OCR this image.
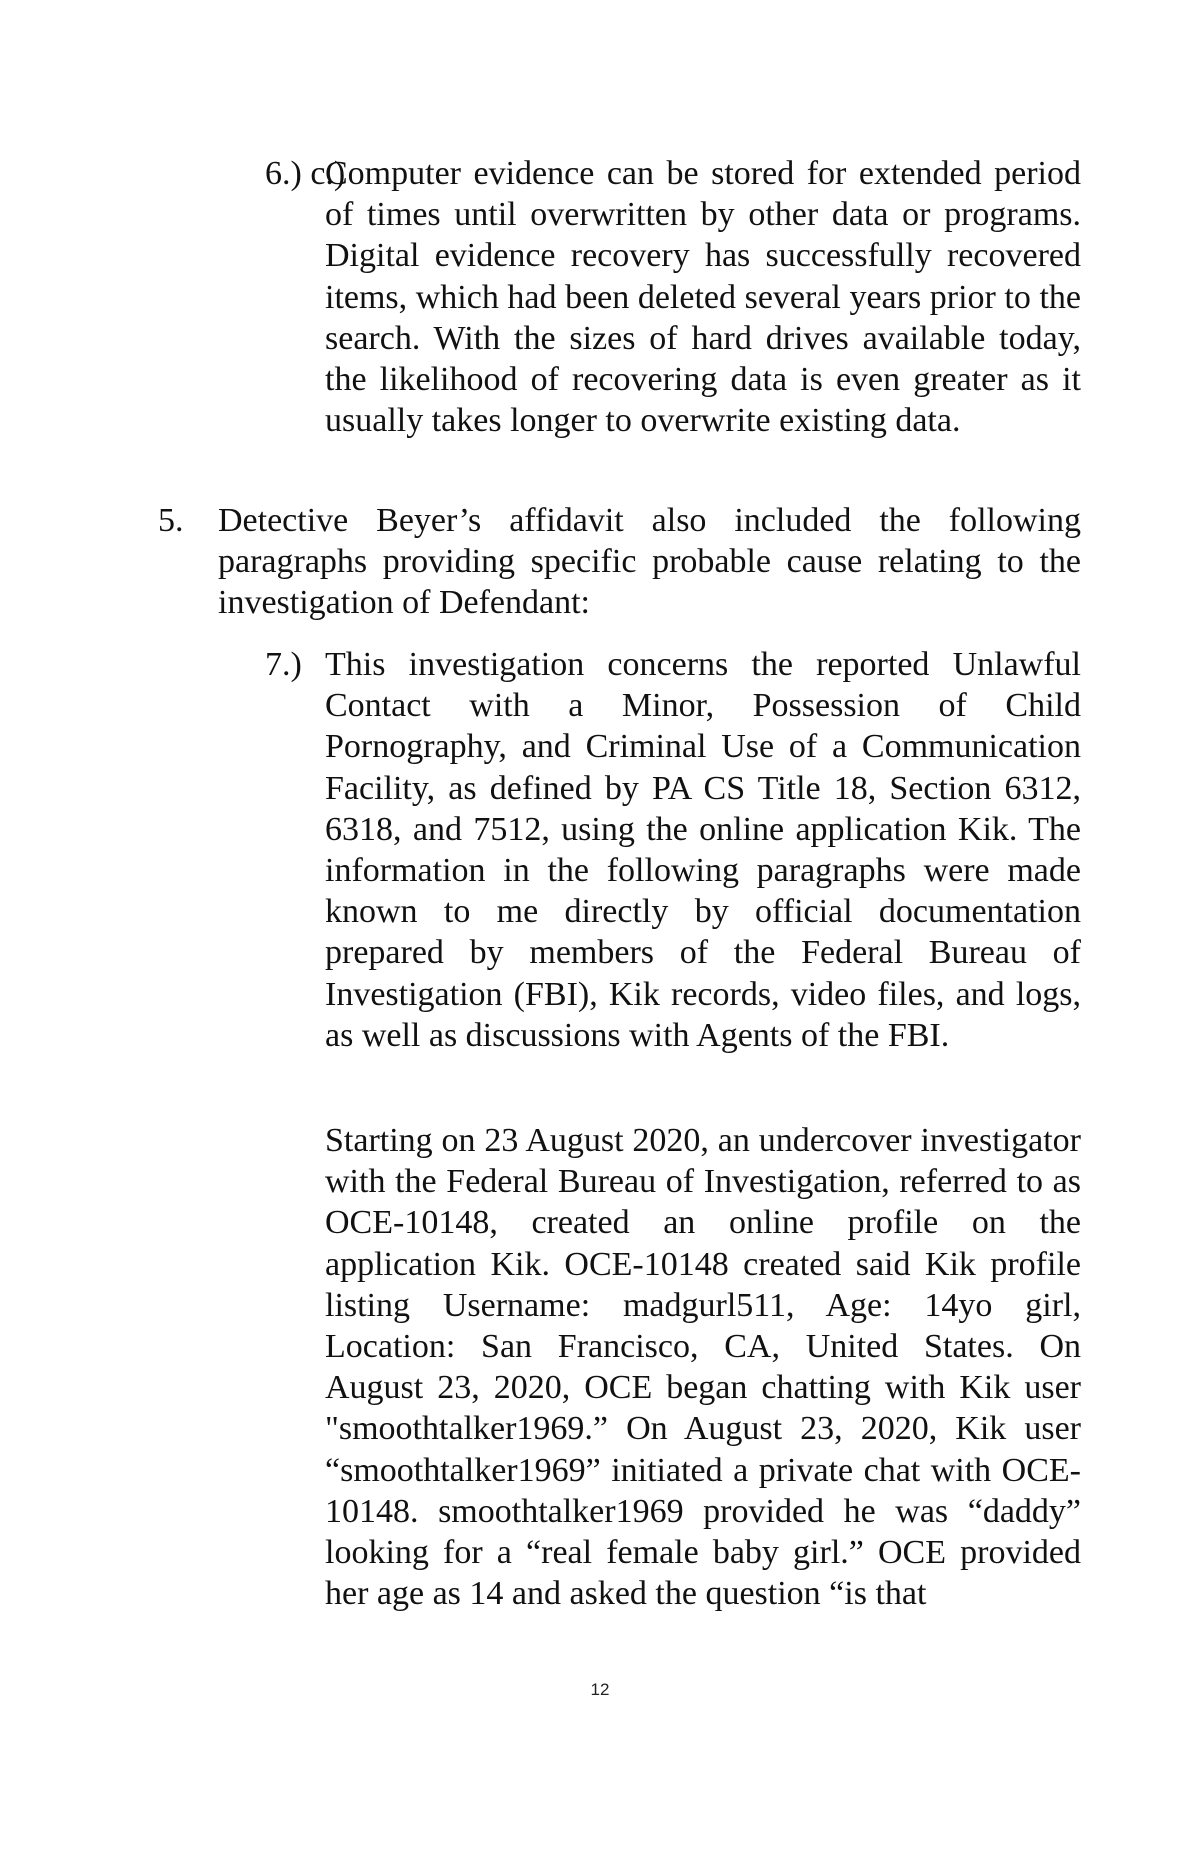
6.) c.)

Computer evidence can be stored for extended period of times until overwritten by other data or programs. Digital evidence recovery has successfully recovered items, which had been deleted several years prior to the search. With the sizes of hard drives available today, the likelihood of recovering data is even greater as it usually takes longer to overwrite existing data.

5. Detective Beyer’s affidavit also included the following paragraphs providing specific probable cause relating to the investigation of Defendant:

7.) This investigation concerns the reported Unlawful Contact with a Minor, Possession of Child Pornography, and Criminal Use of a Communication Facility, as defined by PA CS Title 18, Section 6312, 6318, and 7512, using the online application Kik. The information in the following paragraphs were made known to me directly by official documentation prepared by members of the Federal Bureau of Investigation (FBI), Kik records, video files, and logs, as well as discussions with Agents of the FBI.

Starting on 23 August 2020, an undercover investigator with the Federal Bureau of Investigation, referred to as OCE-10148, created an online profile on the application Kik. OCE-10148 created said Kik profile listing Username: madgurl511, Age: 14yo girl, Location: San Francisco, CA, United States. On August 23, 2020, OCE began chatting with Kik user "smoothtalker1969.” On August 23, 2020, Kik user “smoothtalker1969” initiated a private chat with OCE-10148. smoothtalker1969 provided he was “daddy” looking for a “real female baby girl.” OCE provided her age as 14 and asked the question “is that

12
